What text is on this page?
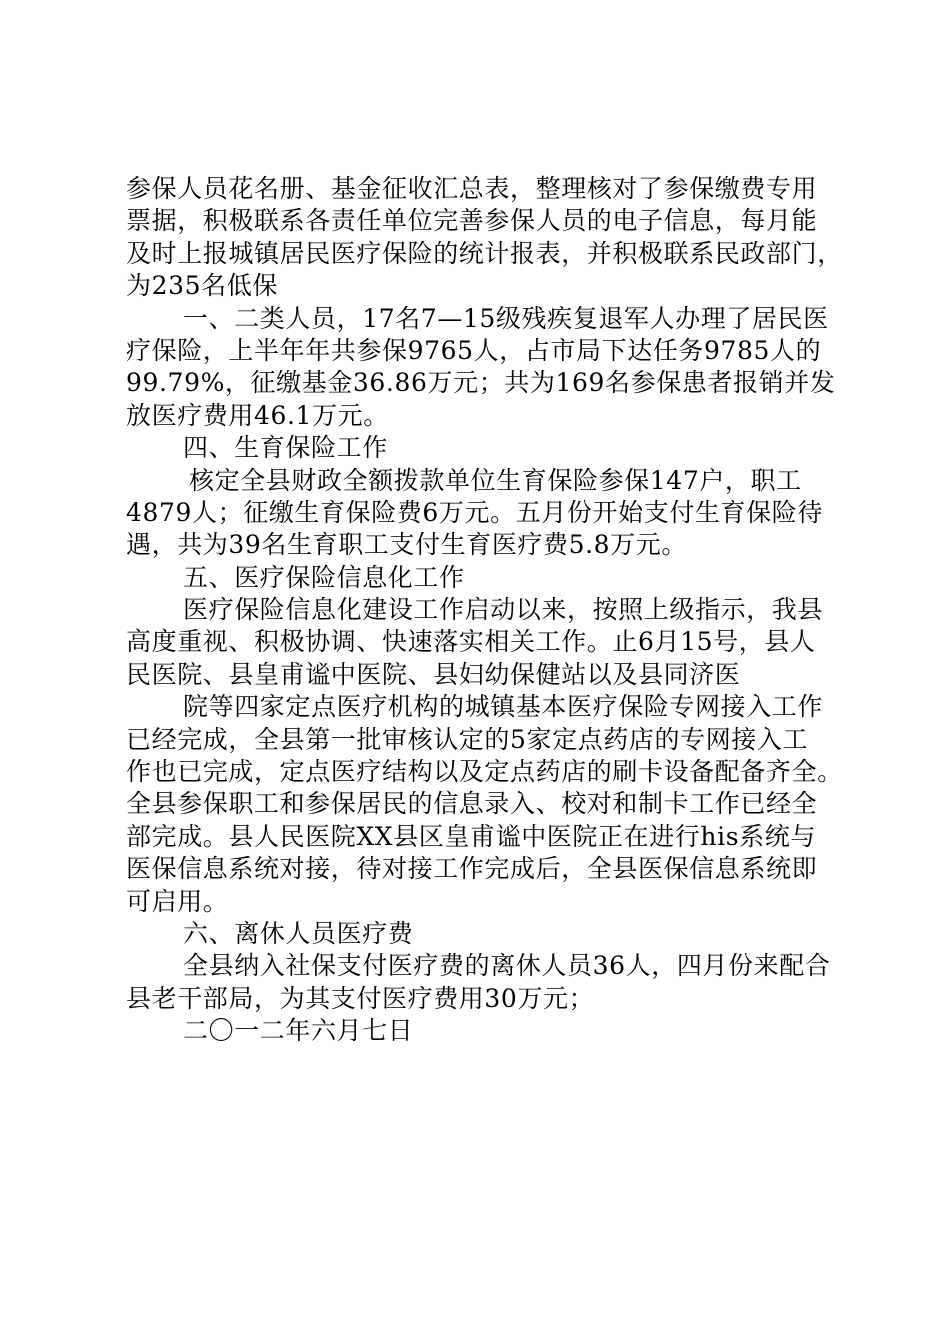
参保人员花名册、基金征收汇总表，整理核对了参保缴费专用
票据，积极联系各责任单位完善参保人员的电子信息，每月能
及时上报城镇居民医疗保险的统计报表，并积极联系民政部门，
为235名低保
一、二类人员，17名7—15级残疾复退军人办理了居民医
疗保险，上半年年共参保9765人，占市局下达任务9785人的
99.79%，征缴基金36.86万元；共为169名参保患者报销并发
放医疗费用46.1万元。
四、生育保险工作
核定全县财政全额拨款单位生育保险参保147户，职工
4879人；征缴生育保险费6万元。五月份开始支付生育保险待
遇，共为39名生育职工支付生育医疗费5.8万元。
五、医疗保险信息化工作
医疗保险信息化建设工作启动以来，按照上级指示，我县
高度重视、积极协调、快速落实相关工作。止6月15号，县人
民医院、县皇甫谧中医院、县妇幼保健站以及县同济医
院等四家定点医疗机构的城镇基本医疗保险专网接入工作
已经完成，全县第一批审核认定的5家定点药店的专网接入工
作也已完成，定点医疗结构以及定点药店的刷卡设备配备齐全。
全县参保职工和参保居民的信息录入、校对和制卡工作已经全
部完成。县人民医院XX县区皇甫谧中医院正在进行his系统与
医保信息系统对接，待对接工作完成后，全县医保信息系统即
可启用。
六、离休人员医疗费
全县纳入社保支付医疗费的离休人员36人，四月份来配合
县老干部局，为其支付医疗费用30万元；
二〇一二年六月七日
